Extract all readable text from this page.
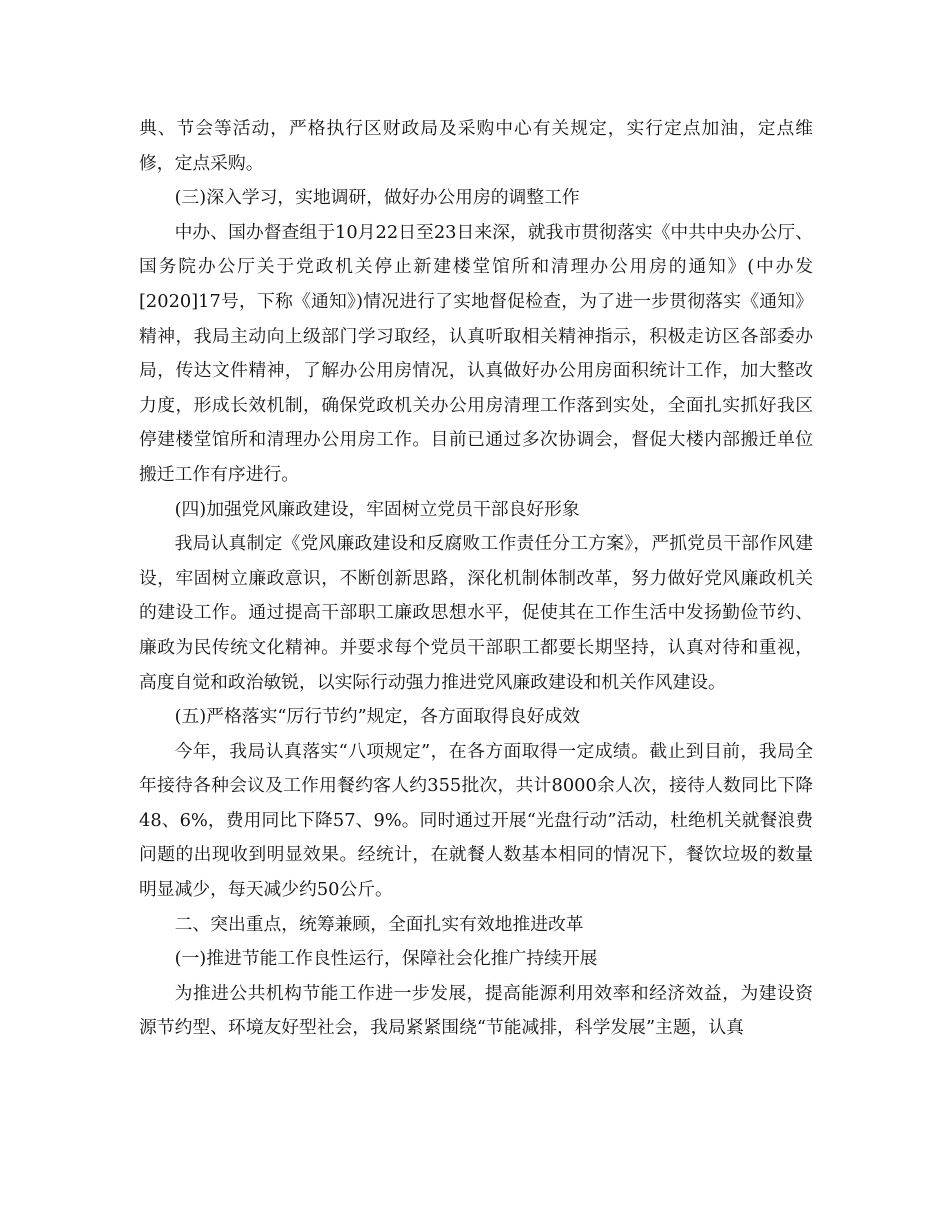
典、节会等活动，严格执行区财政局及采购中心有关规定，实行定点加油，定点维修，定点采购。

(三)深入学习，实地调研，做好办公用房的调整工作

中办、国办督查组于10月22日至23日来深，就我市贯彻落实《中共中央办公厅、国务院办公厅关于党政机关停止新建楼堂馆所和清理办公用房的通知》(中办发[2020]17号，下称《通知》)情况进行了实地督促检查，为了进一步贯彻落实《通知》精神，我局主动向上级部门学习取经，认真听取相关精神指示，积极走访区各部委办局，传达文件精神，了解办公用房情况，认真做好办公用房面积统计工作，加大整改力度，形成长效机制，确保党政机关办公用房清理工作落到实处，全面扎实抓好我区停建楼堂馆所和清理办公用房工作。目前已通过多次协调会，督促大楼内部搬迁单位搬迁工作有序进行。

(四)加强党风廉政建设，牢固树立党员干部良好形象

我局认真制定《党风廉政建设和反腐败工作责任分工方案》，严抓党员干部作风建设，牢固树立廉政意识，不断创新思路，深化机制体制改革，努力做好党风廉政机关的建设工作。通过提高干部职工廉政思想水平，促使其在工作生活中发扬勤俭节约、廉政为民传统文化精神。并要求每个党员干部职工都要长期坚持，认真对待和重视，高度自觉和政治敏锐，以实际行动强力推进党风廉政建设和机关作风建设。

(五)严格落实“厉行节约”规定，各方面取得良好成效

今年，我局认真落实“八项规定”，在各方面取得一定成绩。截止到目前，我局全年接待各种会议及工作用餐约客人约355批次，共计8000余人次，接待人数同比下降48、6%，费用同比下降57、9%。同时通过开展“光盘行动”活动，杜绝机关就餐浪费问题的出现收到明显效果。经统计，在就餐人数基本相同的情况下，餐饮垃圾的数量明显减少，每天减少约50公斤。

二、突出重点，统筹兼顾，全面扎实有效地推进改革

(一)推进节能工作良性运行，保障社会化推广持续开展

为推进公共机构节能工作进一步发展，提高能源利用效率和经济效益，为建设资源节约型、环境友好型社会，我局紧紧围绕“节能减排，科学发展”主题，认真
